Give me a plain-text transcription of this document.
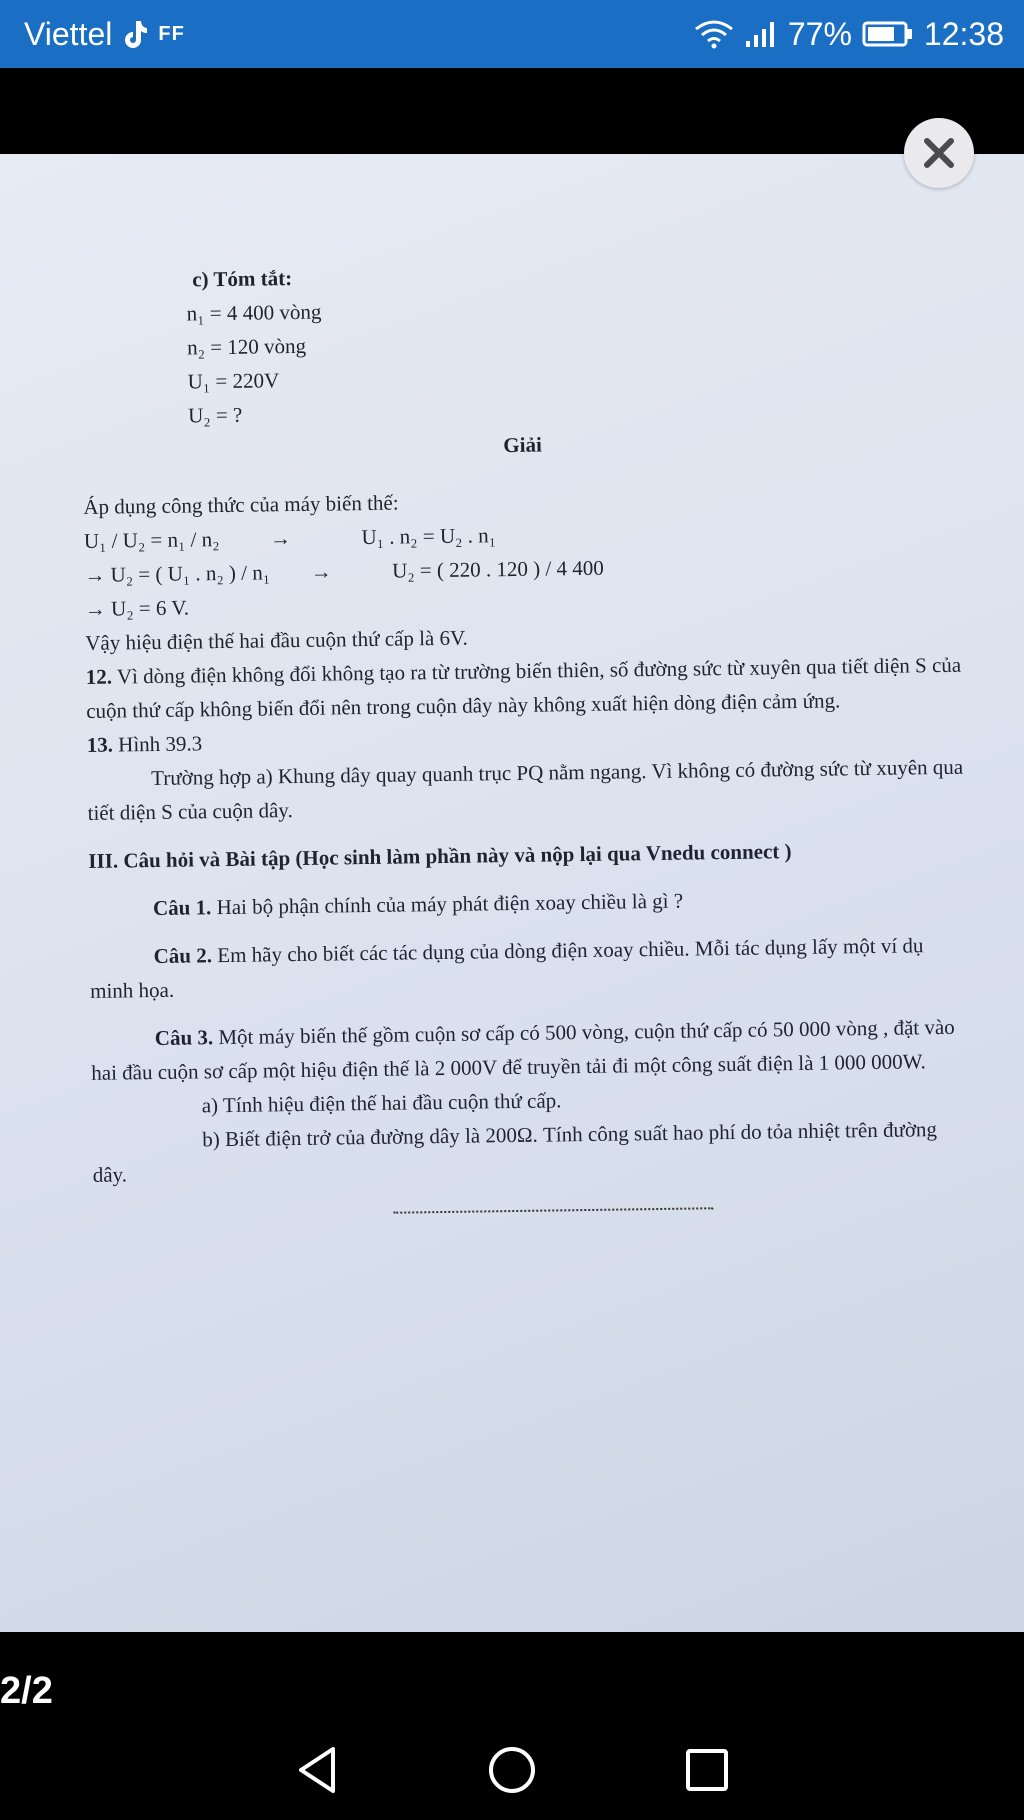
Viettel FF	77% 12:38

c) Tóm tắt:

n₁ = 4 400 vòng

n₂ = 120 vòng

U₁ = 220V

U₂ = ?

Giải

Áp dụng công thức của máy biến thế:

U₁ / U₂ = n₁ / n₂ →	U₁ . n₂ = U₂ . n₁

→ U₂ = ( U₁ . n₂ ) / n₁ →	U₂ = ( 220 . 120 ) / 4 400

→ U₂ = 6 V.

Vậy hiệu điện thế hai đầu cuộn thứ cấp là 6V.

12. Vì dòng điện không đổi không tạo ra từ trường biến thiên, số đường sức từ xuyên qua tiết diện S của cuộn thứ cấp không biến đổi nên trong cuộn dây này không xuất hiện dòng điện cảm ứng.

13. Hình 39.3

Trường hợp a) Khung dây quay quanh trục PQ nằm ngang. Vì không có đường sức từ xuyên qua tiết diện S của cuộn dây.

III. Câu hỏi và Bài tập (Học sinh làm phần này và nộp lại qua Vnedu connect )

Câu 1. Hai bộ phận chính của máy phát điện xoay chiều là gì ?

Câu 2. Em hãy cho biết các tác dụng của dòng điện xoay chiều. Mỗi tác dụng lấy một ví dụ minh họa.

Câu 3. Một máy biến thế gồm cuộn sơ cấp có 500 vòng, cuộn thứ cấp có 50 000 vòng , đặt vào hai đầu cuộn sơ cấp một hiệu điện thế là 2 000V để truyền tải đi một công suất điện là 1 000 000W.

a) Tính hiệu điện thế hai đầu cuộn thứ cấp.

b) Biết điện trở của đường dây là 200Ω. Tính công suất hao phí do tỏa nhiệt trên đường dây.

2/2
